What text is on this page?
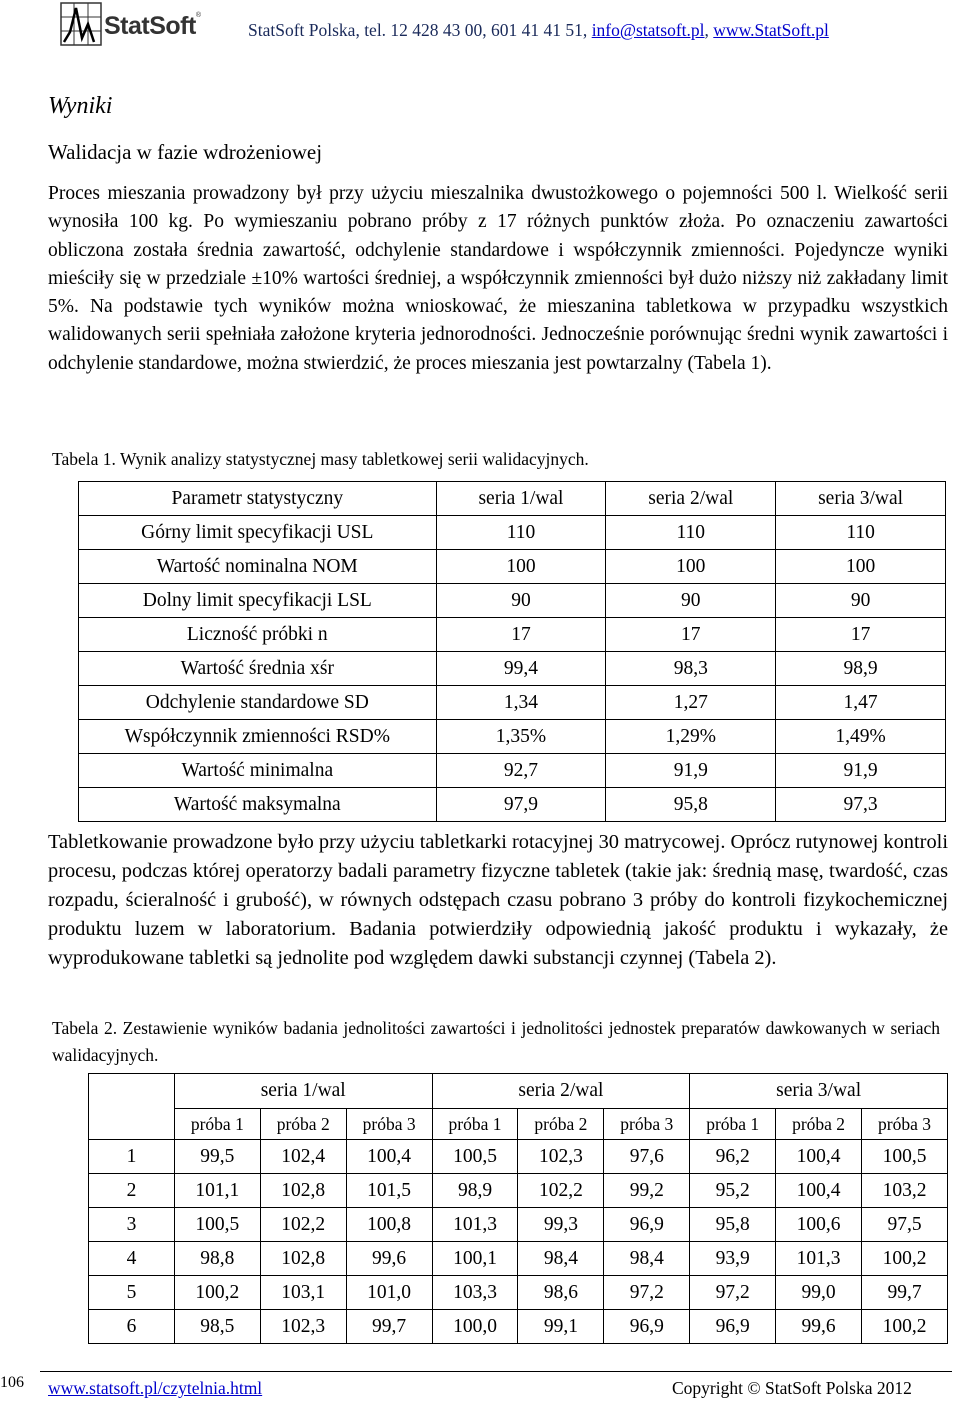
StatSoft®
StatSoft Polska, tel. 12 428 43 00, 601 41 41 51, info@statsoft.pl, www.StatSoft.pl
Wyniki
Walidacja w fazie wdrożeniowej
Proces mieszania prowadzony był przy użyciu mieszalnika dwustożkowego o pojemności 500 l. Wielkość serii wynosiła 100 kg. Po wymieszaniu pobrano próby z 17 różnych punktów złoża. Po oznaczeniu zawartości obliczona została średnia zawartość, odchylenie standardowe i współczynnik zmienności. Pojedyncze wyniki mieściły się w przedziale ±10% wartości średniej, a współczynnik zmienności był dużo niższy niż zakładany limit 5%. Na podstawie tych wyników można wnioskować, że mieszanina tabletkowa w przypadku wszystkich walidowanych serii spełniała założone kryteria jednorodności. Jednocześnie porównując średni wynik zawartości i odchylenie standardowe, można stwierdzić, że proces mieszania jest powtarzalny (Tabela 1).
Tabela 1. Wynik analizy statystycznej masy tabletkowej serii walidacyjnych.
Parametr statystyczny	seria 1/wal	seria 2/wal	seria 3/wal
Górny limit specyfikacji USL	110	110	110
Wartość nominalna NOM	100	100	100
Dolny limit specyfikacji LSL	90	90	90
Liczność próbki n	17	17	17
Wartość średnia xśr	99,4	98,3	98,9
Odchylenie standardowe SD	1,34	1,27	1,47
Współczynnik zmienności RSD%	1,35%	1,29%	1,49%
Wartość minimalna	92,7	91,9	91,9
Wartość maksymalna	97,9	95,8	97,3
Tabletkowanie prowadzone było przy użyciu tabletkarki rotacyjnej 30 matrycowej. Oprócz rutynowej kontroli procesu, podczas której operatorzy badali parametry fizyczne tabletek (takie jak: średnią masę, twardość, czas rozpadu, ścieralność i grubość), w równych odstępach czasu pobrano 3 próby do kontroli fizykochemicznej produktu luzem w laboratorium. Badania potwierdziły odpowiednią jakość produktu i wykazały, że wyprodukowane tabletki są jednolite pod względem dawki substancji czynnej (Tabela 2).
Tabela 2. Zestawienie wyników badania jednolitości zawartości i jednolitości jednostek preparatów dawkowanych w seriach walidacyjnych.
	seria 1/wal			seria 2/wal			seria 3/wal		
	próba 1	próba 2	próba 3	próba 1	próba 2	próba 3	próba 1	próba 2	próba 3
1	99,5	102,4	100,4	100,5	102,3	97,6	96,2	100,4	100,5
2	101,1	102,8	101,5	98,9	102,2	99,2	95,2	100,4	103,2
3	100,5	102,2	100,8	101,3	99,3	96,9	95,8	100,6	97,5
4	98,8	102,8	99,6	100,1	98,4	98,4	93,9	101,3	100,2
5	100,2	103,1	101,0	103,3	98,6	97,2	97,2	99,0	99,7
6	98,5	102,3	99,7	100,0	99,1	96,9	96,9	99,6	100,2
106 www.statsoft.pl/czytelnia.html	Copyright © StatSoft Polska 2012
